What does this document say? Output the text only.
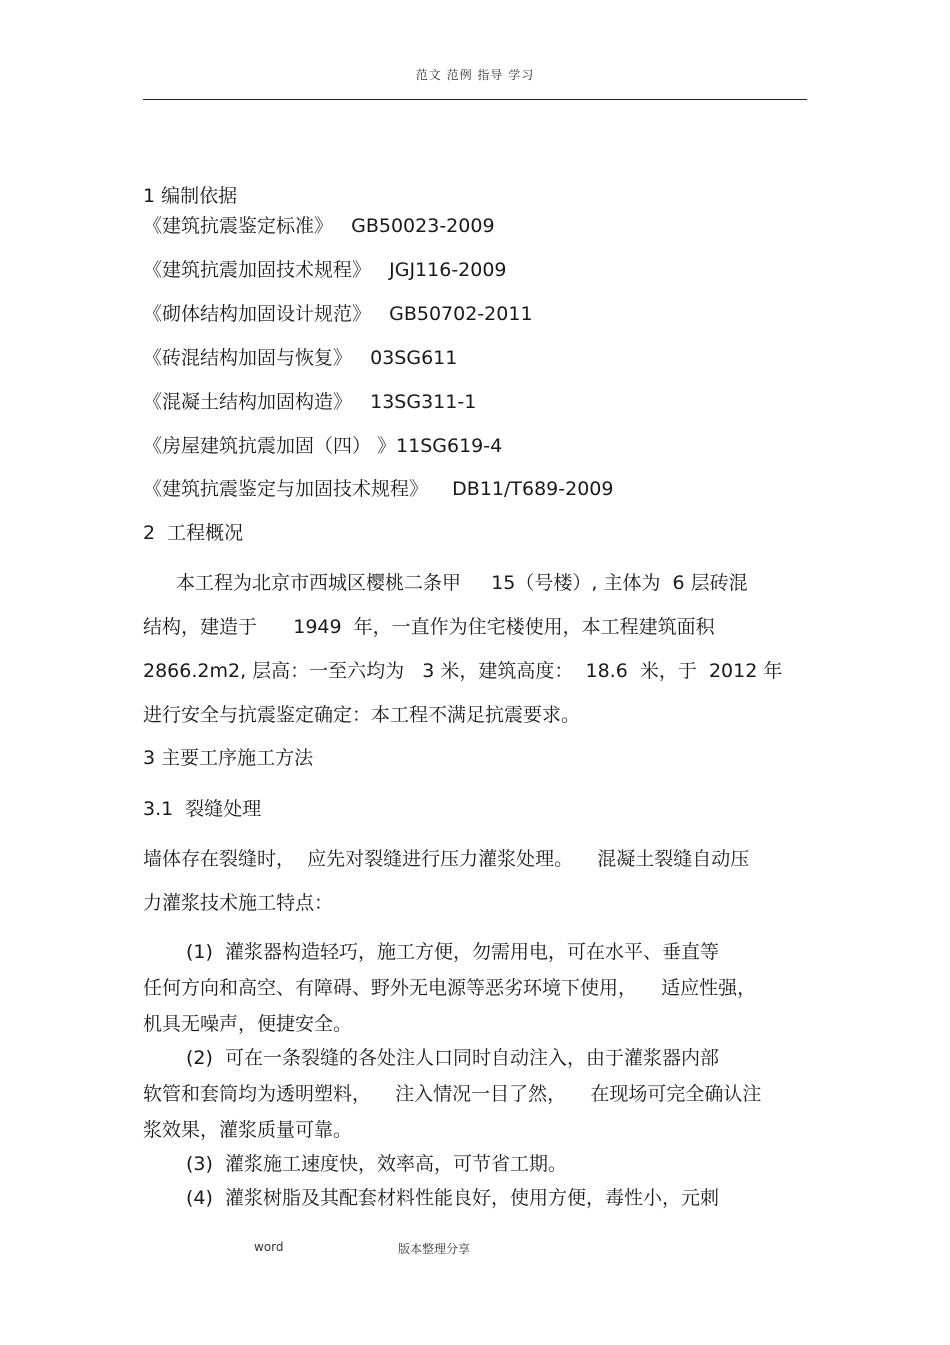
范文 范例 指导 学习
1 编制依据
《建筑抗震鉴定标准》   GB50023-2009
《建筑抗震加固技术规程》   JGJ116-2009
《砌体结构加固设计规范》   GB50702-2011
《砖混结构加固与恢复》   03SG611
《混凝土结构加固构造》   13SG311-1
《房屋建筑抗震加固（四） 》11SG619-4
《建筑抗震鉴定与加固技术规程》    DB11/T689-2009
2  工程概况
本工程为北京市西城区樱桃二条甲     15（号楼）, 主体为  6 层砖混
结构，建造于      1949  年，一直作为住宅楼使用，本工程建筑面积
2866.2m2, 层高：一至六均为   3 米，建筑高度：  18.6  米，于  2012 年
进行安全与抗震鉴定确定：本工程不满足抗震要求。
3 主要工序施工方法
3.1  裂缝处理
墙体存在裂缝时，  应先对裂缝进行压力灌浆处理。    混凝土裂缝自动压
力灌浆技术施工特点：
(1)  灌浆器构造轻巧，施工方便，勿需用电，可在水平、垂直等
任何方向和高空、有障碍、野外无电源等恶劣环境下使用，    适应性强，
机具无噪声，便捷安全。
(2)  可在一条裂缝的各处注人口同时自动注入，由于灌浆器内部
软管和套筒均为透明塑料，    注入情况一目了然，    在现场可完全确认注
浆效果，灌浆质量可靠。
(3)  灌浆施工速度快，效率高，可节省工期。
(4)  灌浆树脂及其配套材料性能良好，使用方便，毒性小，元刺
word	版本整理分享
